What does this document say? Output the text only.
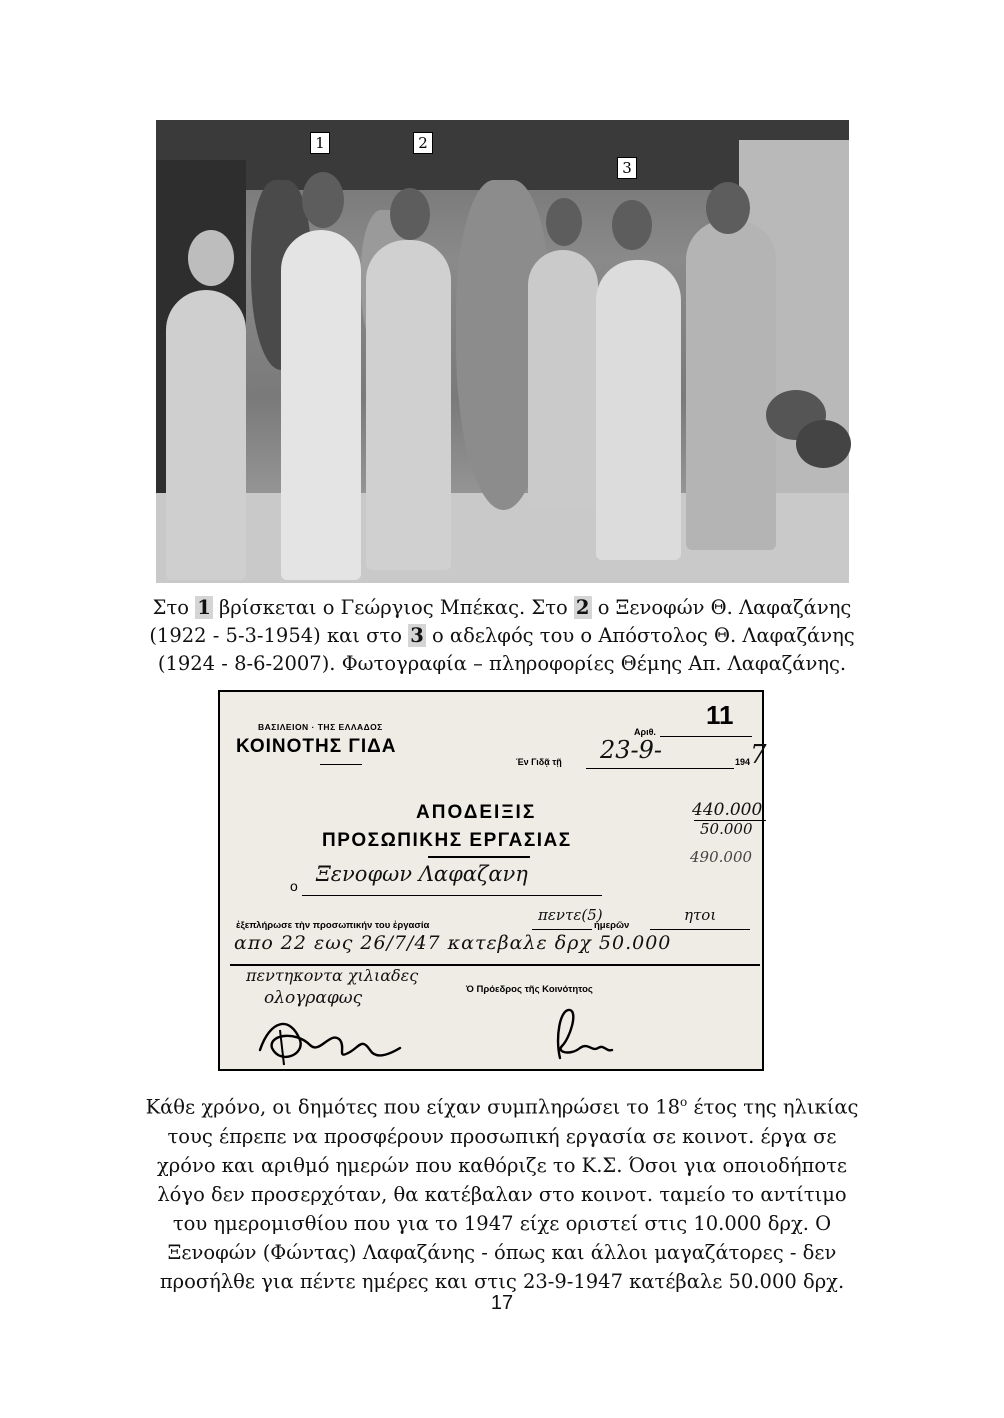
1	2
3
Στο 1 βρίσκεται ο Γεώργιος Μπέκας. Στο 2 ο Ξενοφών Θ. Λαφαζάνης
(1922 - 5-3-1954) και στο 3 ο αδελφός του ο Απόστολος Θ. Λαφαζάνης
(1924 - 8-6-2007). Φωτογραφία – πληροφορίες Θέμης Απ. Λαφαζάνης.
ΒΑΣΙΛΕΙΟΝ · ΤΗΣ ΕΛΛΑΔΟΣ
ΚΟΙΝΟΤΗΣ ΓΙΔΑ
Αριθ.
11
Έν Γιδᾷ τῇ 23-9-	194 7
ΑΠΟΔΕΙΞΙΣ
ΠΡΟΣΩΠΙΚΗΣ ΕΡΓΑΣΙΑΣ
440.000
50.000
490.000
ο Ξενοφων Λαφαζανη
ἐξεπλήρωσε τὴν προσωπικήν του ἐργασία
πεντε(5)
ἡμερῶν
ητοι
απο 22 εως 26/7/47 κατεβαλε δρχ 50.000
πεντηκοντα χιλιαδες
Ὁ Πρόεδρος τῆς Κοινότητος
ολογραφως
Κάθε χρόνο, οι δημότες που είχαν συμπληρώσει το $18^o$ έτος της ηλικίας
τους έπρεπε να προσφέρουν προσωπική εργασία σε κοινοτ. έργα σε
χρόνο και αριθμό ημερών που καθόριζε το Κ.Σ. Όσοι για οποιοδήποτε
λόγο δεν προσερχόταν, θα κατέβαλαν στο κοινοτ. ταμείο το αντίτιμο
του ημερομισθίου που για το 1947 είχε οριστεί στις 10.000 δρχ. Ο
Ξενοφών (Φώντας) Λαφαζάνης - όπως και άλλοι μαγαζάτορες - δεν
προσήλθε για πέντε ημέρες και στις 23-9-1947 κατέβαλε 50.000 δρχ.
17
